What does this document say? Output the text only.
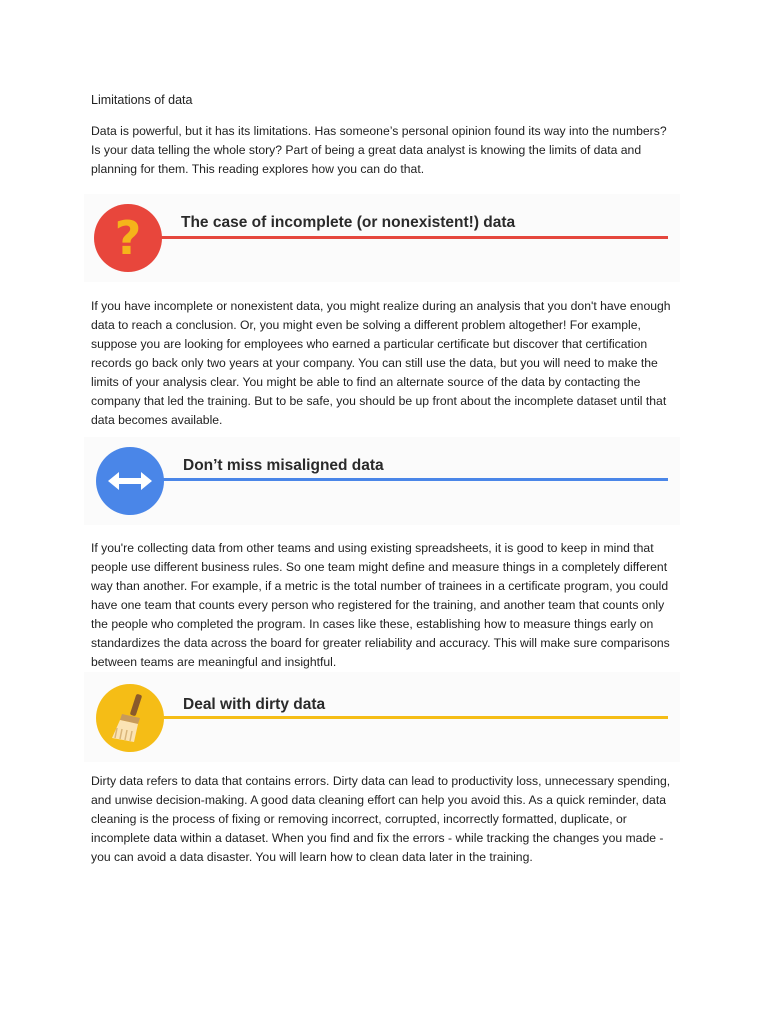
Limitations of data

Data is powerful, but it has its limitations. Has someone’s personal opinion found its way into the numbers? Is your data telling the whole story? Part of being a great data analyst is knowing the limits of data and planning for them. This reading explores how you can do that.

?	The case of incomplete (or nonexistent!) data

If you have incomplete or nonexistent data, you might realize during an analysis that you don't have enough data to reach a conclusion. Or, you might even be solving a different problem altogether! For example, suppose you are looking for employees who earned a particular certificate but discover that certification records go back only two years at your company. You can still use the data, but you will need to make the limits of your analysis clear. You might be able to find an alternate source of the data by contacting the company that led the training. But to be safe, you should be up front about the incomplete dataset until that data becomes available.

Don’t miss misaligned data

If you're collecting data from other teams and using existing spreadsheets, it is good to keep in mind that people use different business rules. So one team might define and measure things in a completely different way than another. For example, if a metric is the total number of trainees in a certificate program, you could have one team that counts every person who registered for the training, and another team that counts only the people who completed the program. In cases like these, establishing how to measure things early on standardizes the data across the board for greater reliability and accuracy. This will make sure comparisons between teams are meaningful and insightful.

Deal with dirty data

Dirty data refers to data that contains errors. Dirty data can lead to productivity loss, unnecessary spending, and unwise decision-making. A good data cleaning effort can help you avoid this. As a quick reminder, data cleaning is the process of fixing or removing incorrect, corrupted, incorrectly formatted, duplicate, or incomplete data within a dataset. When you find and fix the errors - while tracking the changes you made - you can avoid a data disaster. You will learn how to clean data later in the training.
